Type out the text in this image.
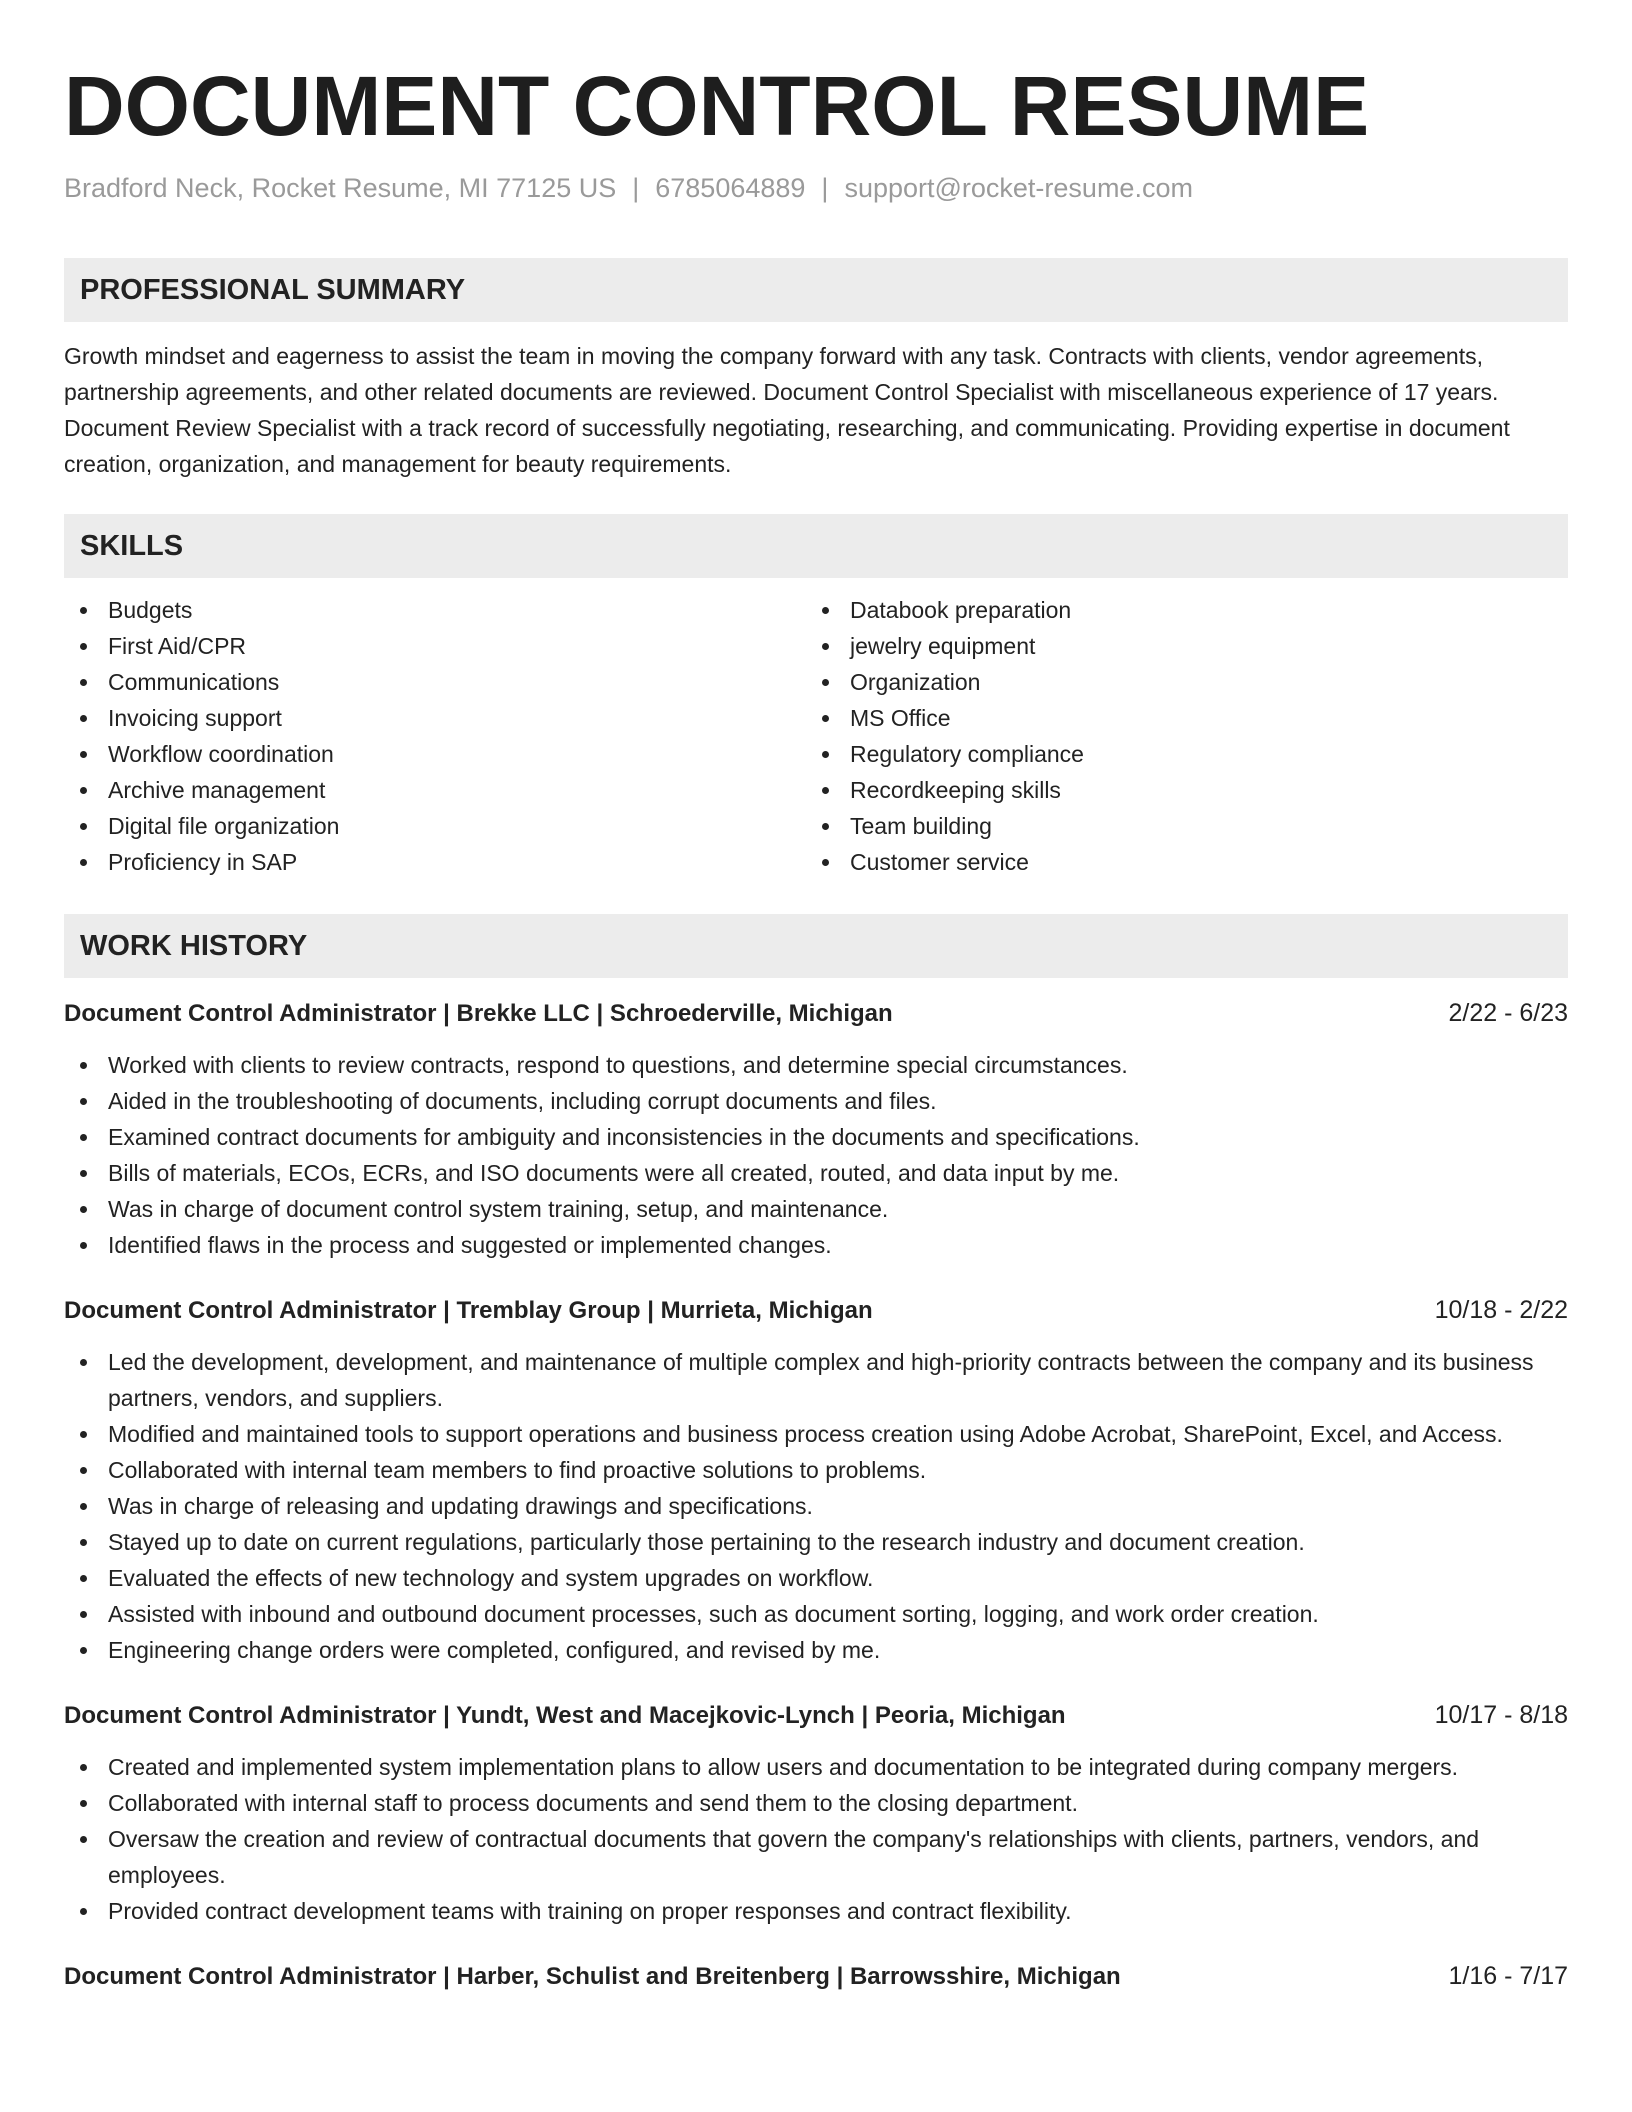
DOCUMENT CONTROL RESUME
Bradford Neck, Rocket Resume, MI 77125 US | 6785064889 | support@rocket-resume.com
PROFESSIONAL SUMMARY
Growth mindset and eagerness to assist the team in moving the company forward with any task. Contracts with clients, vendor agreements, partnership agreements, and other related documents are reviewed. Document Control Specialist with miscellaneous experience of 17 years. Document Review Specialist with a track record of successfully negotiating, researching, and communicating. Providing expertise in document creation, organization, and management for beauty requirements.
SKILLS
Budgets
First Aid/CPR
Communications
Invoicing support
Workflow coordination
Archive management
Digital file organization
Proficiency in SAP
Databook preparation
jewelry equipment
Organization
MS Office
Regulatory compliance
Recordkeeping skills
Team building
Customer service
WORK HISTORY
Document Control Administrator | Brekke LLC | Schroederville, Michigan	2/22 - 6/23
Worked with clients to review contracts, respond to questions, and determine special circumstances.
Aided in the troubleshooting of documents, including corrupt documents and files.
Examined contract documents for ambiguity and inconsistencies in the documents and specifications.
Bills of materials, ECOs, ECRs, and ISO documents were all created, routed, and data input by me.
Was in charge of document control system training, setup, and maintenance.
Identified flaws in the process and suggested or implemented changes.
Document Control Administrator | Tremblay Group | Murrieta, Michigan	10/18 - 2/22
Led the development, development, and maintenance of multiple complex and high-priority contracts between the company and its business partners, vendors, and suppliers.
Modified and maintained tools to support operations and business process creation using Adobe Acrobat, SharePoint, Excel, and Access.
Collaborated with internal team members to find proactive solutions to problems.
Was in charge of releasing and updating drawings and specifications.
Stayed up to date on current regulations, particularly those pertaining to the research industry and document creation.
Evaluated the effects of new technology and system upgrades on workflow.
Assisted with inbound and outbound document processes, such as document sorting, logging, and work order creation.
Engineering change orders were completed, configured, and revised by me.
Document Control Administrator | Yundt, West and Macejkovic-Lynch | Peoria, Michigan	10/17 - 8/18
Created and implemented system implementation plans to allow users and documentation to be integrated during company mergers.
Collaborated with internal staff to process documents and send them to the closing department.
Oversaw the creation and review of contractual documents that govern the company's relationships with clients, partners, vendors, and employees.
Provided contract development teams with training on proper responses and contract flexibility.
Document Control Administrator | Harber, Schulist and Breitenberg | Barrowsshire, Michigan	1/16 - 7/17
